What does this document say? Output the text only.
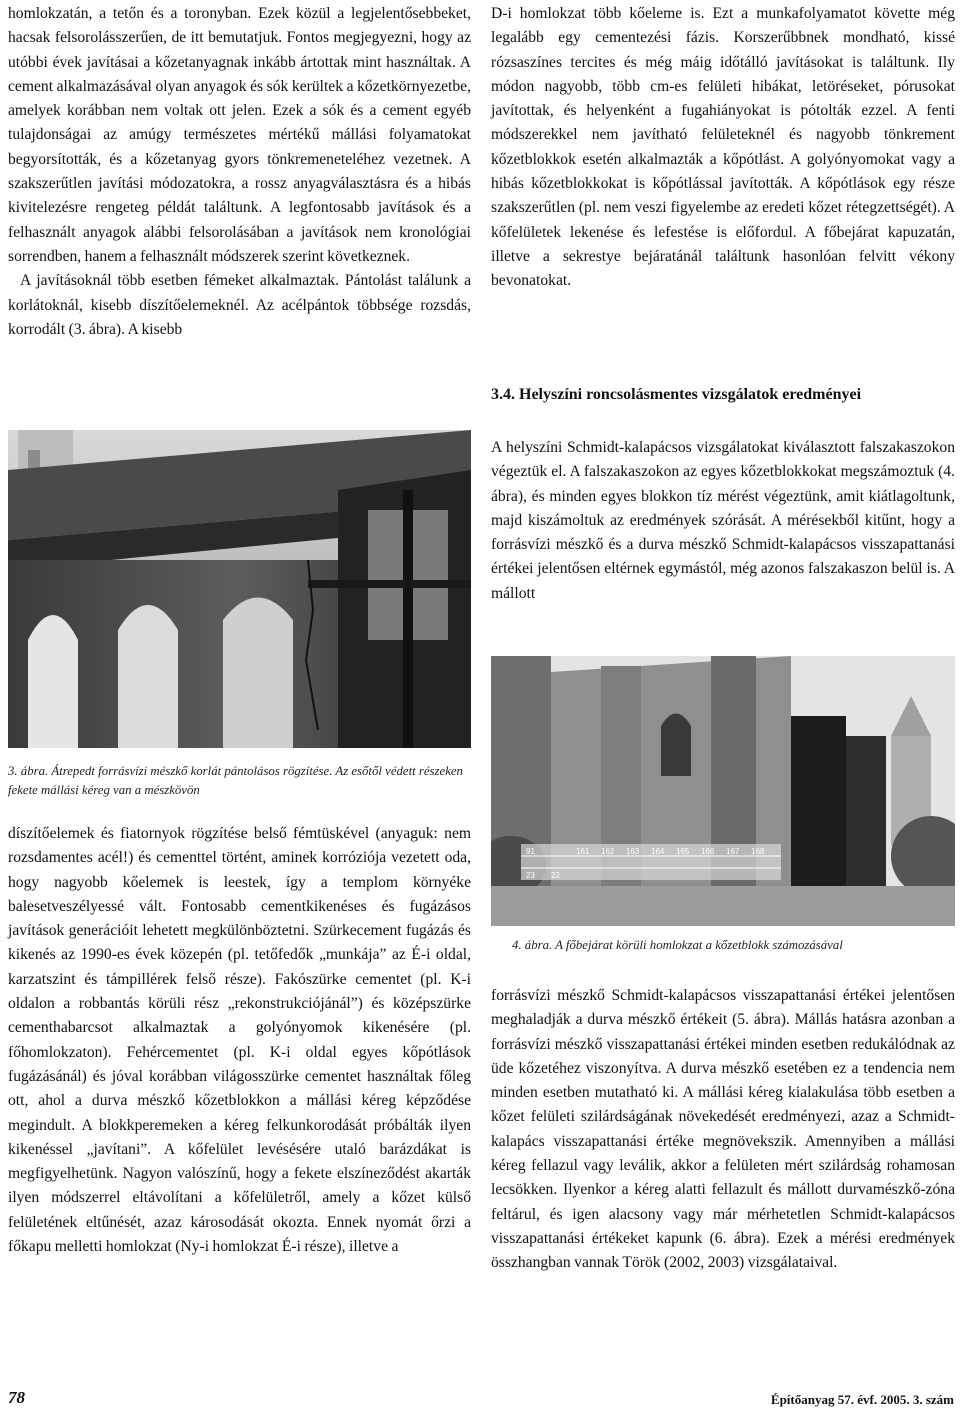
homlokzatán, a tetőn és a toronyban. Ezek közül a legjelentősebbeket, hacsak felsorolásszerűen, de itt bemutatjuk. Fontos megjegyezni, hogy az utóbbi évek javításai a kőzetanyagnak inkább ártottak mint használtak. A cement alkalmazásával olyan anyagok és sók kerültek a kőzetkörnyezetbe, amelyek korábban nem voltak ott jelen. Ezek a sók és a cement egyéb tulajdonságai az amúgy természetes mértékű mállási folyamatokat begyorsították, és a kőzetanyag gyors tönkremeneteléhez vezetnek. A szakszerűtlen javítási módozatokra, a rossz anyagválasztásra és a hibás kivitelezésre rengeteg példát találtunk. A legfontosabb javítások és a felhasznált anyagok alábbi felsorolásában a javítások nem kronológiai sorrendben, hanem a felhasznált módszerek szerint következnek.

A javításoknál több esetben fémeket alkalmaztak. Pántolást találunk a korlátoknál, kisebb díszítőelemeknél. Az acélpántok többsége rozsdás, korrodált (3. ábra). A kisebb

3. ábra. Átrepedt forrásvízi mészkő korlát pántolásos rögzítése. Az esőtől védett részeken fekete mállási kéreg van a mészkövön

díszítőelemek és fiatornyok rögzítése belső fémtüskével (anyaguk: nem rozsdamentes acél!) és cementtel történt, aminek korróziója vezetett oda, hogy nagyobb kőelemek is leestek, így a templom környéke balesetveszélyessé vált. Fontosabb cementkikenéses és fugázásos javítások generációit lehetett megkülönböztetni. Szürkecement fugázás és kikenés az 1990-es évek közepén (pl. tetőfedők „munkája” az É-i oldal, karzatszint és támpillérek felső része). Fakószürke cementet (pl. K-i oldalon a robbantás körüli rész „rekonstrukciójánál”) és középszürke cementhabarcsot alkalmaztak a golyónyomok kikenésére (pl. főhomlokzaton). Fehércementet (pl. K-i oldal egyes kőpótlások fugázásánál) és jóval korábban világosszürke cementet használtak főleg ott, ahol a durva mészkő kőzetblokkon a mállási kéreg képződése megindult. A blokkperemeken a kéreg felkunkorodását próbálták ilyen kikenéssel „javítani”. A kőfelület levésésére utaló barázdákat is megfigyelhetünk. Nagyon valószínű, hogy a fekete elszíneződést akarták ilyen módszerrel eltávolítani a kőfelületről, amely a kőzet külső felületének eltűnését, azaz károsodását okozta. Ennek nyomát őrzi a főkapu melletti homlokzat (Ny-i homlokzat É-i része), illetve a

D-i homlokzat több kőeleme is. Ezt a munkafolyamatot követte még legalább egy cementezési fázis. Korszerűbbnek mondható, kissé rózsaszínes tercites és még máig időtálló javításokat is találtunk. Ily módon nagyobb, több cm-es felületi hibákat, letöréseket, pórusokat javítottak, és helyenként a fugahiányokat is pótolták ezzel. A fenti módszerekkel nem javítható felületeknél és nagyobb tönkrement kőzetblokkok esetén alkalmazták a kőpótlást. A golyónyomokat vagy a hibás kőzetblokkokat is kőpótlással javították. A kőpótlások egy része szakszerűtlen (pl. nem veszi figyelembe az eredeti kőzet rétegzettségét). A kőfelületek lekenése és lefestése is előfordul. A főbejárat kapuzatán, illetve a sekrestye bejáratánál találtunk hasonlóan felvitt vékony bevonatokat.

3.4. Helyszíni roncsolásmentes vizsgálatok eredményei

A helyszíni Schmidt-kalapácsos vizsgálatokat kiválasztott falszakaszokon végeztük el. A falszakaszokon az egyes kőzetblokkokat megszámoztuk (4. ábra), és minden egyes blokkon tíz mérést végeztünk, amit kiátlagoltunk, majd kiszámoltuk az eredmények szórását. A mérésekből kitűnt, hogy a forrásvízi mészkő és a durva mészkő Schmidt-kalapácsos visszapattanási értékei jelentősen eltérnek egymástól, még azonos falszakaszon belül is. A mállott

91
23 22
161 162 163 164 165 166 167 168

4. ábra. A főbejárat körüli homlokzat a kőzetblokk számozásával

forrásvízi mészkő Schmidt-kalapácsos visszapattanási értékei jelentősen meghaladják a durva mészkő értékeit (5. ábra). Mállás hatásra azonban a forrásvízi mészkő visszapattanási értékei minden esetben redukálódnak az üde kőzetéhez viszonyítva. A durva mészkő esetében ez a tendencia nem minden esetben mutatható ki. A mállási kéreg kialakulása több esetben a kőzet felületi szilárdságának növekedését eredményezi, azaz a Schmidt-kalapács visszapattanási értéke megnövekszik. Amennyiben a mállási kéreg fellazul vagy leválik, akkor a felületen mért szilárdság rohamosan lecsökken. Ilyenkor a kéreg alatti fellazult és mállott durvamészkő-zóna feltárul, és igen alacsony vagy már mérhetetlen Schmidt-kalapácsos visszapattanási értékeket kapunk (6. ábra). Ezek a mérési eredmények összhangban vannak Török (2002, 2003) vizsgálataival.

78	Építőanyag 57. évf. 2005. 3. szám
